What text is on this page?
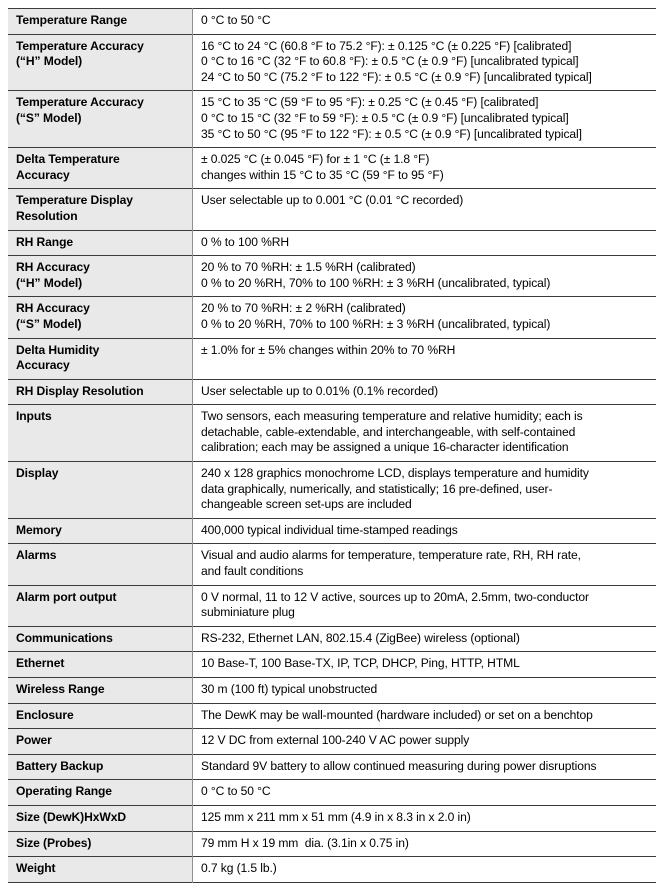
Temperature Range	0 °C to 50 °C

Temperature Accuracy
(“H” Model)	16 °C to 24 °C (60.8 °F to 75.2 °F): ± 0.125 °C (± 0.225 °F) [calibrated]
0 °C to 16 °C (32 °F to 60.8 °F): ± 0.5 °C (± 0.9 °F) [uncalibrated typical]
24 °C to 50 °C (75.2 °F to 122 °F): ± 0.5 °C (± 0.9 °F) [uncalibrated typical]

Temperature Accuracy
(“S” Model)	15 °C to 35 °C (59 °F to 95 °F): ± 0.25 °C (± 0.45 °F) [calibrated]
0 °C to 15 °C (32 °F to 59 °F): ± 0.5 °C (± 0.9 °F) [uncalibrated typical]
35 °C to 50 °C (95 °F to 122 °F): ± 0.5 °C (± 0.9 °F) [uncalibrated typical]

Delta Temperature
Accuracy	± 0.025 °C (± 0.045 °F) for ± 1 °C (± 1.8 °F)
changes within 15 °C to 35 °C (59 °F to 95 °F)

Temperature Display
Resolution	User selectable up to 0.001 °C (0.01 °C recorded)

RH Range	0 % to 100 %RH

RH Accuracy
(“H” Model)	20 % to 70 %RH: ± 1.5 %RH (calibrated)
0 % to 20 %RH, 70% to 100 %RH: ± 3 %RH (uncalibrated, typical)

RH Accuracy
(“S” Model)	20 % to 70 %RH: ± 2 %RH (calibrated)
0 % to 20 %RH, 70% to 100 %RH: ± 3 %RH (uncalibrated, typical)

Delta Humidity
Accuracy	± 1.0% for ± 5% changes within 20% to 70 %RH

RH Display Resolution	User selectable up to 0.01% (0.1% recorded)

Inputs	Two sensors, each measuring temperature and relative humidity; each is
detachable, cable-extendable, and interchangeable, with self-contained
calibration; each may be assigned a unique 16-character identification

Display	240 x 128 graphics monochrome LCD, displays temperature and humidity
data graphically, numerically, and statistically; 16 pre-defined, user-
changeable screen set-ups are included

Memory	400,000 typical individual time-stamped readings

Alarms	Visual and audio alarms for temperature, temperature rate, RH, RH rate,
and fault conditions

Alarm port output	0 V normal, 11 to 12 V active, sources up to 20mA, 2.5mm, two-conductor
subminiature plug

Communications	RS-232, Ethernet LAN, 802.15.4 (ZigBee) wireless (optional)

Ethernet	10 Base-T, 100 Base-TX, IP, TCP, DHCP, Ping, HTTP, HTML

Wireless Range	30 m (100 ft) typical unobstructed

Enclosure	The DewK may be wall-mounted (hardware included) or set on a benchtop

Power	12 V DC from external 100-240 V AC power supply

Battery Backup	Standard 9V battery to allow continued measuring during power disruptions

Operating Range	0 °C to 50 °C

Size (DewK)HxWxD	125 mm x 211 mm x 51 mm (4.9 in x 8.3 in x 2.0 in)

Size (Probes)	79 mm H x 19 mm  dia. (3.1in x 0.75 in)

Weight	0.7 kg (1.5 lb.)
